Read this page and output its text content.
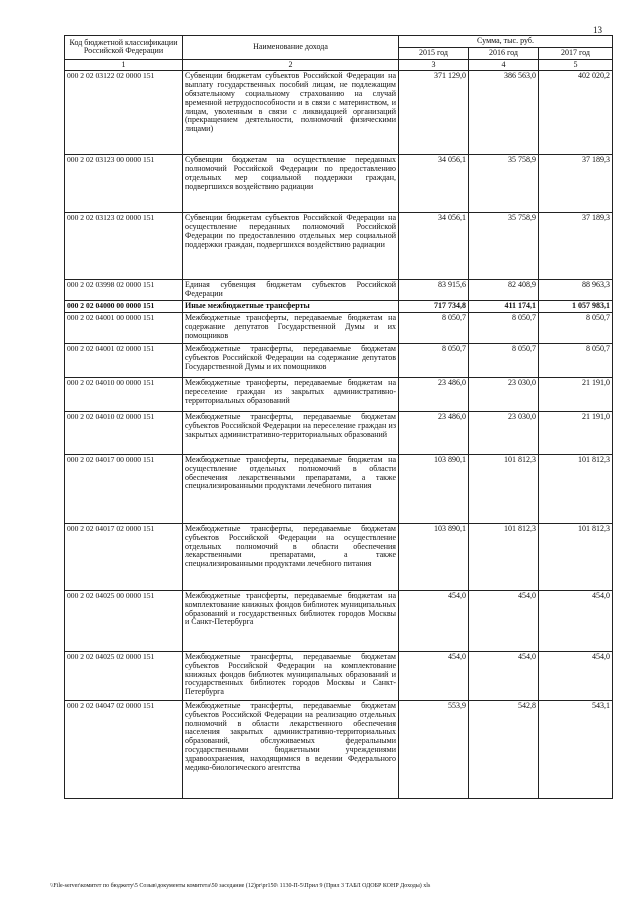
13
Код бюджетной классификации Российской Федерации	Наименование дохода	Сумма, тыс. руб.		
		2015 год	2016 год	2017 год
1	2	3	4	5
000 2 02 03122 02 0000 151	Субвенции бюджетам субъектов Российской Федерации на выплату государственных пособий лицам, не подлежащим обязательному социальному страхованию на случай временной нетрудоспособности и в связи с материнством, и лицам, уволенным в связи с ликвидацией организаций (прекращением деятельности, полномочий физическими лицами)	371 129,0	386 563,0	402 020,2
000 2 02 03123 00 0000 151	Субвенции бюджетам на осуществление переданных полномочий Российской Федерации по предоставлению отдельных мер социальной поддержки граждан, подвергшихся воздействию радиации	34 056,1	35 758,9	37 189,3
000 2 02 03123 02 0000 151	Субвенции бюджетам субъектов Российской Федерации на осуществление переданных полномочий Российской Федерации по предоставлению отдельных мер социальной поддержки граждан, подвергшихся воздействию радиации	34 056,1	35 758,9	37 189,3
000 2 02 03998 02 0000 151	Единая субвенция бюджетам субъектов Российской Федерации	83 915,6	82 408,9	88 963,3
000 2 02 04000 00 0000 151	Иные межбюджетные трансферты	717 734,8	411 174,1	1 057 983,1
000 2 02 04001 00 0000 151	Межбюджетные трансферты, передаваемые бюджетам на содержание депутатов Государственной Думы и их помощников	8 050,7	8 050,7	8 050,7
000 2 02 04001 02 0000 151	Межбюджетные трансферты, передаваемые бюджетам субъектов Российской Федерации на содержание депутатов Государственной Думы и их помощников	8 050,7	8 050,7	8 050,7
000 2 02 04010 00 0000 151	Межбюджетные трансферты, передаваемые бюджетам на переселение граждан из закрытых административно-территориальных образований	23 486,0	23 030,0	21 191,0
000 2 02 04010 02 0000 151	Межбюджетные трансферты, передаваемые бюджетам субъектов Российской Федерации на переселение граждан из закрытых административно-территориальных образований	23 486,0	23 030,0	21 191,0
000 2 02 04017 00 0000 151	Межбюджетные трансферты, передаваемые бюджетам на осуществление отдельных полномочий в области обеспечения лекарственными препаратами, а также специализированными продуктами лечебного питания	103 890,1	101 812,3	101 812,3
000 2 02 04017 02 0000 151	Межбюджетные трансферты, передаваемые бюджетам субъектов Российской Федерации на осуществление отдельных полномочий в области обеспечения лекарственными препаратами, а также специализированными продуктами лечебного питания	103 890,1	101 812,3	101 812,3
000 2 02 04025 00 0000 151	Межбюджетные трансферты, передаваемые бюджетам на комплектование книжных фондов библиотек муниципальных образований и государственных библиотек городов Москвы и Санкт-Петербурга	454,0	454,0	454,0
000 2 02 04025 02 0000 151	Межбюджетные трансферты, передаваемые бюджетам субъектов Российской Федерации на комплектование книжных фондов библиотек муниципальных образований и государственных библиотек городов Москвы и Санкт-Петербурга	454,0	454,0	454,0
000 2 02 04047 02 0000 151	Межбюджетные трансферты, передаваемые бюджетам субъектов Российской Федерации на реализацию отдельных полномочий в области лекарственного обеспечения населения закрытых административно-территориальных образований, обслуживаемых федеральными государственными бюджетными учреждениями здравоохранения, находящимися в ведении Федерального медико-биологического агентства	553,9	542,8	543,1
\\File-server\комитет по бюджету\5 Созыв\документы комитета\50 заседание (12)pr\pr150\ 1130-П-5\Прил 9 (Прил 3 ТАБЛ ОДОБР КОНР Доходы) xls
